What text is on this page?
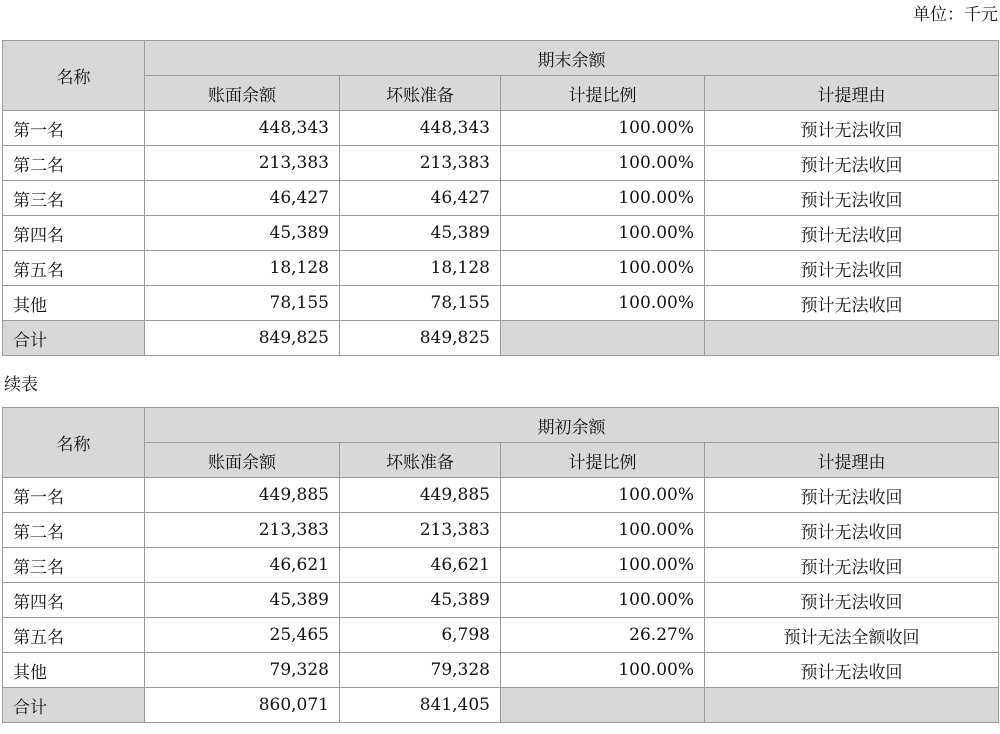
单位：千元
名称	期末余额			
	账面余额	坏账准备	计提比例	计提理由
第一名	448,343	448,343	100.00%	预计无法收回
第二名	213,383	213,383	100.00%	预计无法收回
第三名	46,427	46,427	100.00%	预计无法收回
第四名	45,389	45,389	100.00%	预计无法收回
第五名	18,128	18,128	100.00%	预计无法收回
其他	78,155	78,155	100.00%	预计无法收回
合计	849,825	849,825		
续表
名称	期初余额			
	账面余额	坏账准备	计提比例	计提理由
第一名	449,885	449,885	100.00%	预计无法收回
第二名	213,383	213,383	100.00%	预计无法收回
第三名	46,621	46,621	100.00%	预计无法收回
第四名	45,389	45,389	100.00%	预计无法收回
第五名	25,465	6,798	26.27%	预计无法全额收回
其他	79,328	79,328	100.00%	预计无法收回
合计	860,071	841,405		
